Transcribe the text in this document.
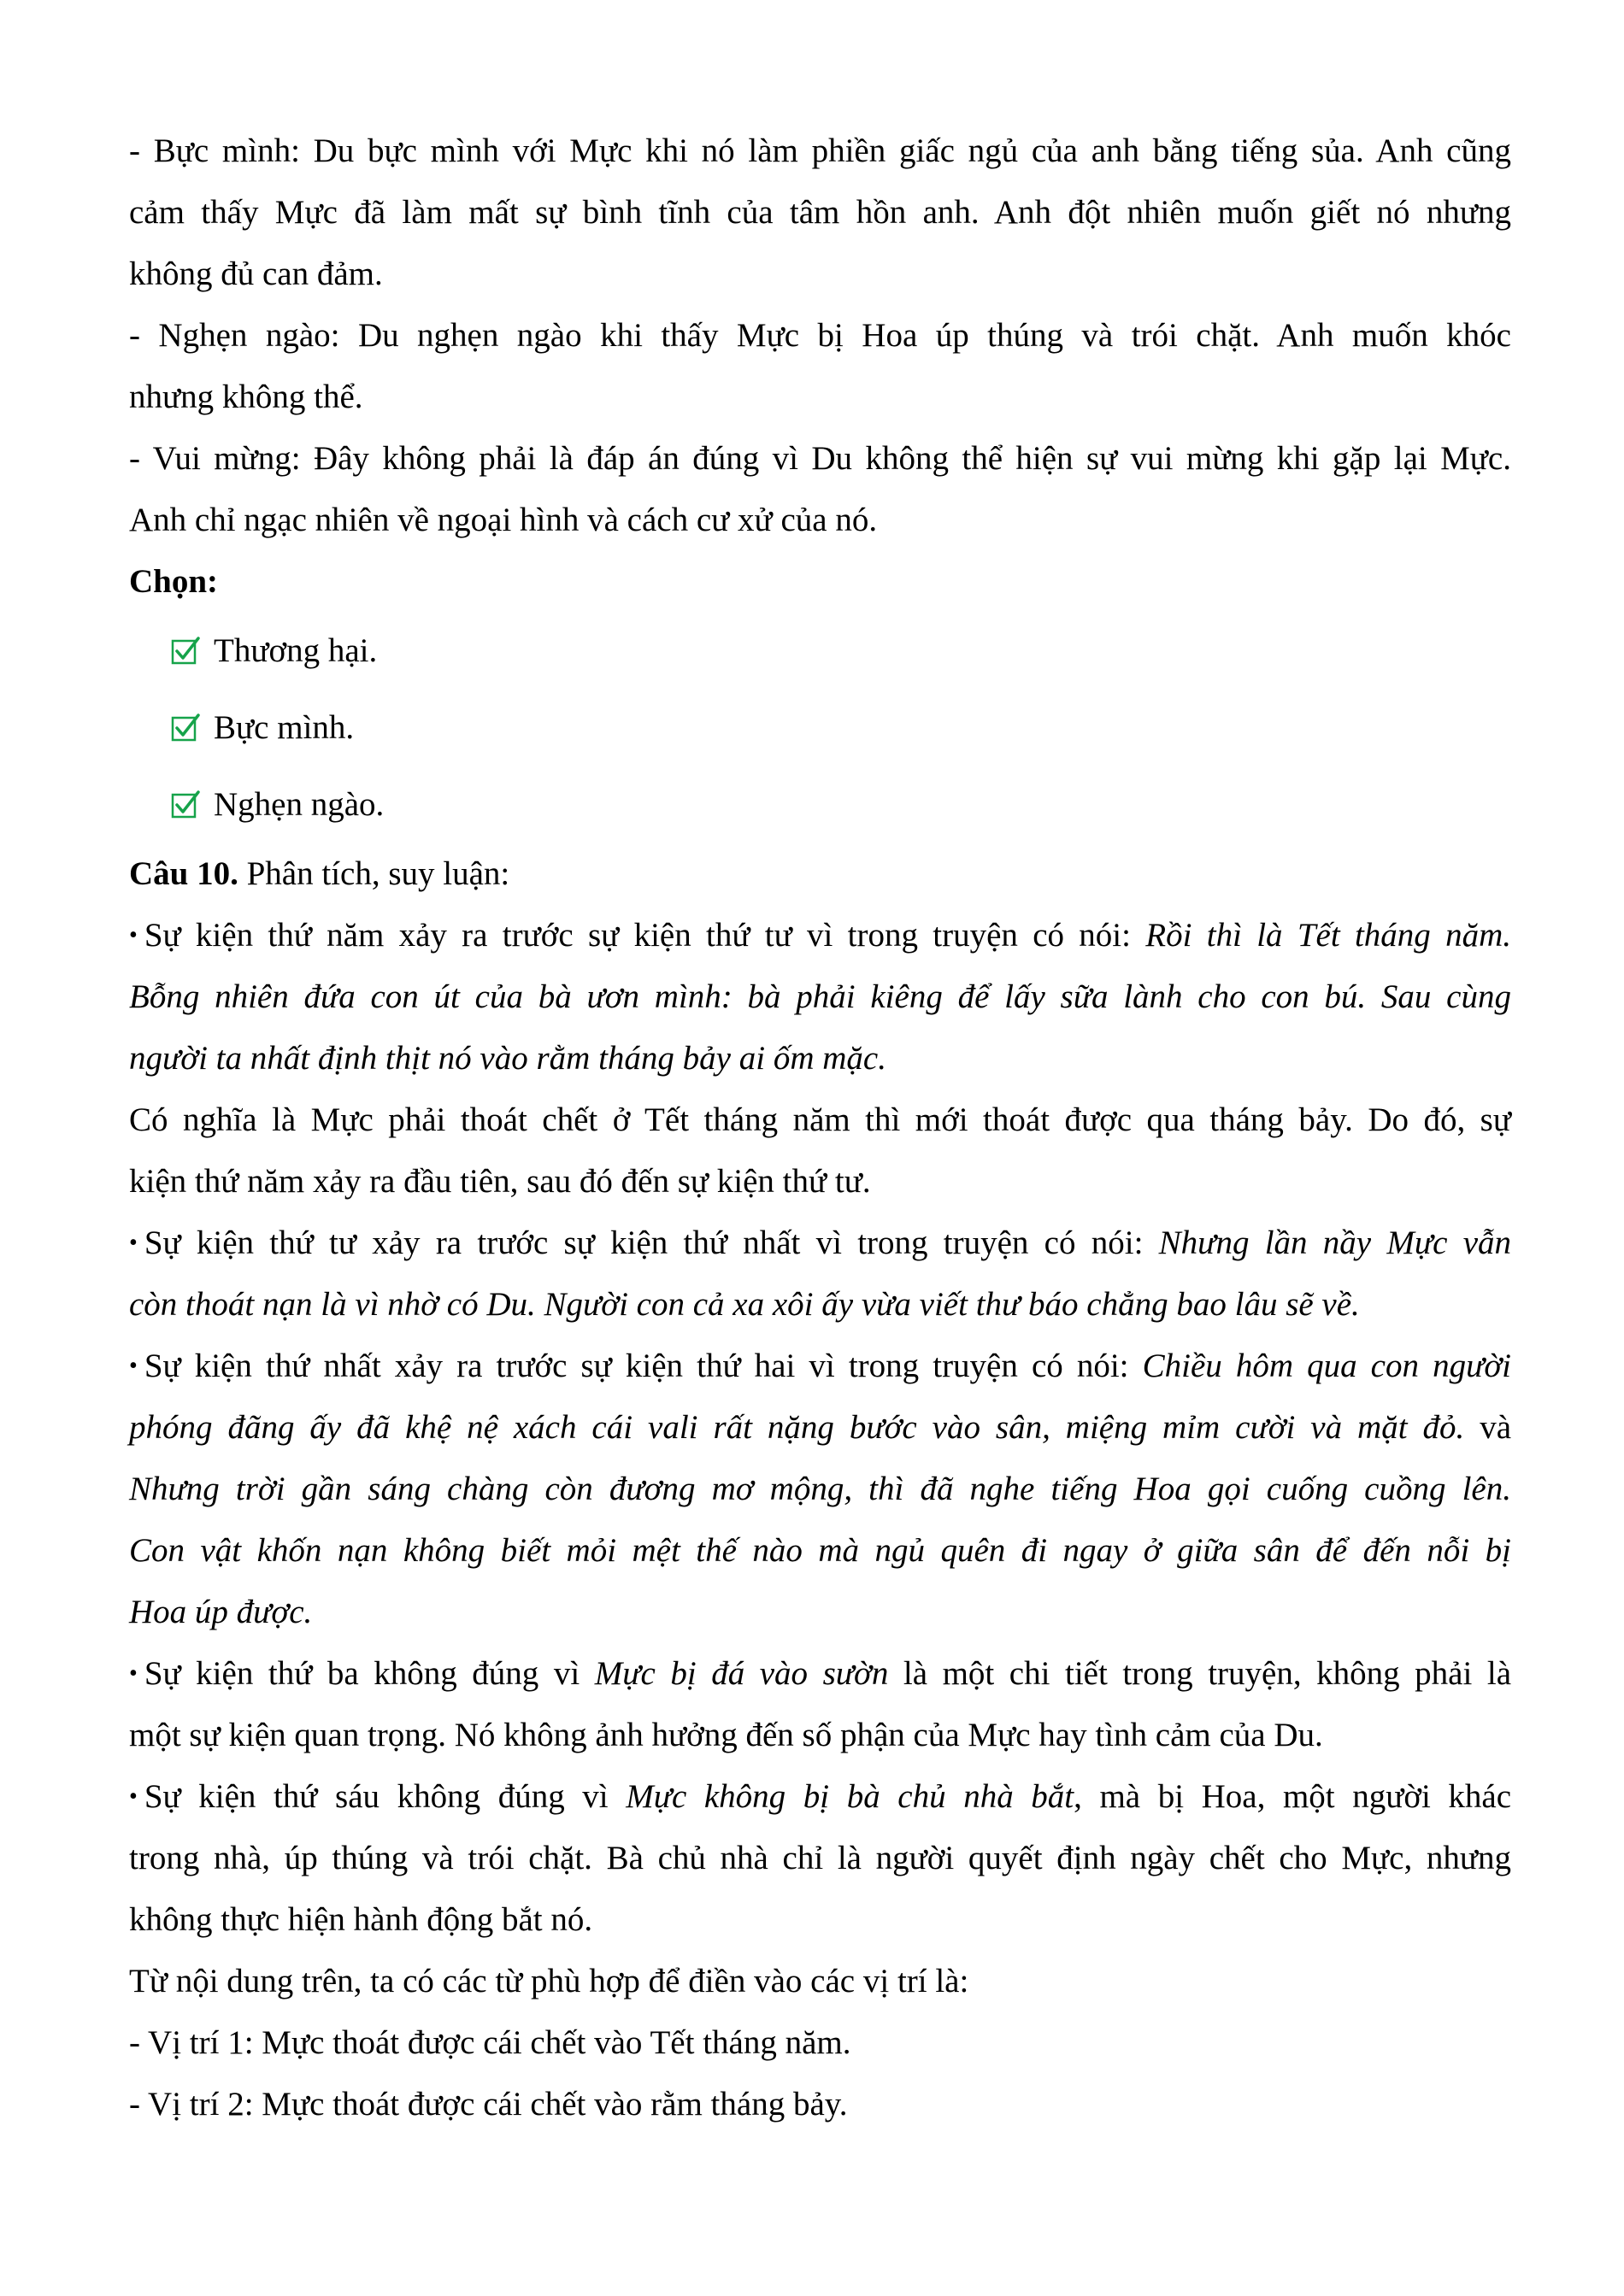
- Bực mình: Du bực mình với Mực khi nó làm phiền giấc ngủ của anh bằng tiếng sủa. Anh cũng
cảm thấy Mực đã làm mất sự bình tĩnh của tâm hồn anh. Anh đột nhiên muốn giết nó nhưng
không đủ can đảm.
- Nghẹn ngào: Du nghẹn ngào khi thấy Mực bị Hoa úp thúng và trói chặt. Anh muốn khóc
nhưng không thể.
- Vui mừng: Đây không phải là đáp án đúng vì Du không thể hiện sự vui mừng khi gặp lại Mực.
Anh chỉ ngạc nhiên về ngoại hình và cách cư xử của nó.
Chọn:
Thương hại.
Bực mình.
Nghẹn ngào.
Câu 10. Phân tích, suy luận:
• Sự kiện thứ năm xảy ra trước sự kiện thứ tư vì trong truyện có nói: Rồi thì là Tết tháng năm.
Bỗng nhiên đứa con út của bà ươn mình: bà phải kiêng để lấy sữa lành cho con bú. Sau cùng
người ta nhất định thịt nó vào rằm tháng bảy ai ốm mặc.
Có nghĩa là Mực phải thoát chết ở Tết tháng năm thì mới thoát được qua tháng bảy. Do đó, sự
kiện thứ năm xảy ra đầu tiên, sau đó đến sự kiện thứ tư.
• Sự kiện thứ tư xảy ra trước sự kiện thứ nhất vì trong truyện có nói: Nhưng lần nầy Mực vẫn
còn thoát nạn là vì nhờ có Du. Người con cả xa xôi ấy vừa viết thư báo chẳng bao lâu sẽ về.
• Sự kiện thứ nhất xảy ra trước sự kiện thứ hai vì trong truyện có nói: Chiều hôm qua con người
phóng đãng ấy đã khệ nệ xách cái vali rất nặng bước vào sân, miệng mỉm cười và mặt đỏ. và
Nhưng trời gần sáng chàng còn đương mơ mộng, thì đã nghe tiếng Hoa gọi cuống cuồng lên.
Con vật khốn nạn không biết mỏi mệt thế nào mà ngủ quên đi ngay ở giữa sân để đến nỗi bị
Hoa úp được.
• Sự kiện thứ ba không đúng vì Mực bị đá vào sườn là một chi tiết trong truyện, không phải là
một sự kiện quan trọng. Nó không ảnh hưởng đến số phận của Mực hay tình cảm của Du.
• Sự kiện thứ sáu không đúng vì Mực không bị bà chủ nhà bắt, mà bị Hoa, một người khác
trong nhà, úp thúng và trói chặt. Bà chủ nhà chỉ là người quyết định ngày chết cho Mực, nhưng
không thực hiện hành động bắt nó.
Từ nội dung trên, ta có các từ phù hợp để điền vào các vị trí là:
- Vị trí 1: Mực thoát được cái chết vào Tết tháng năm.
- Vị trí 2: Mực thoát được cái chết vào rằm tháng bảy.
